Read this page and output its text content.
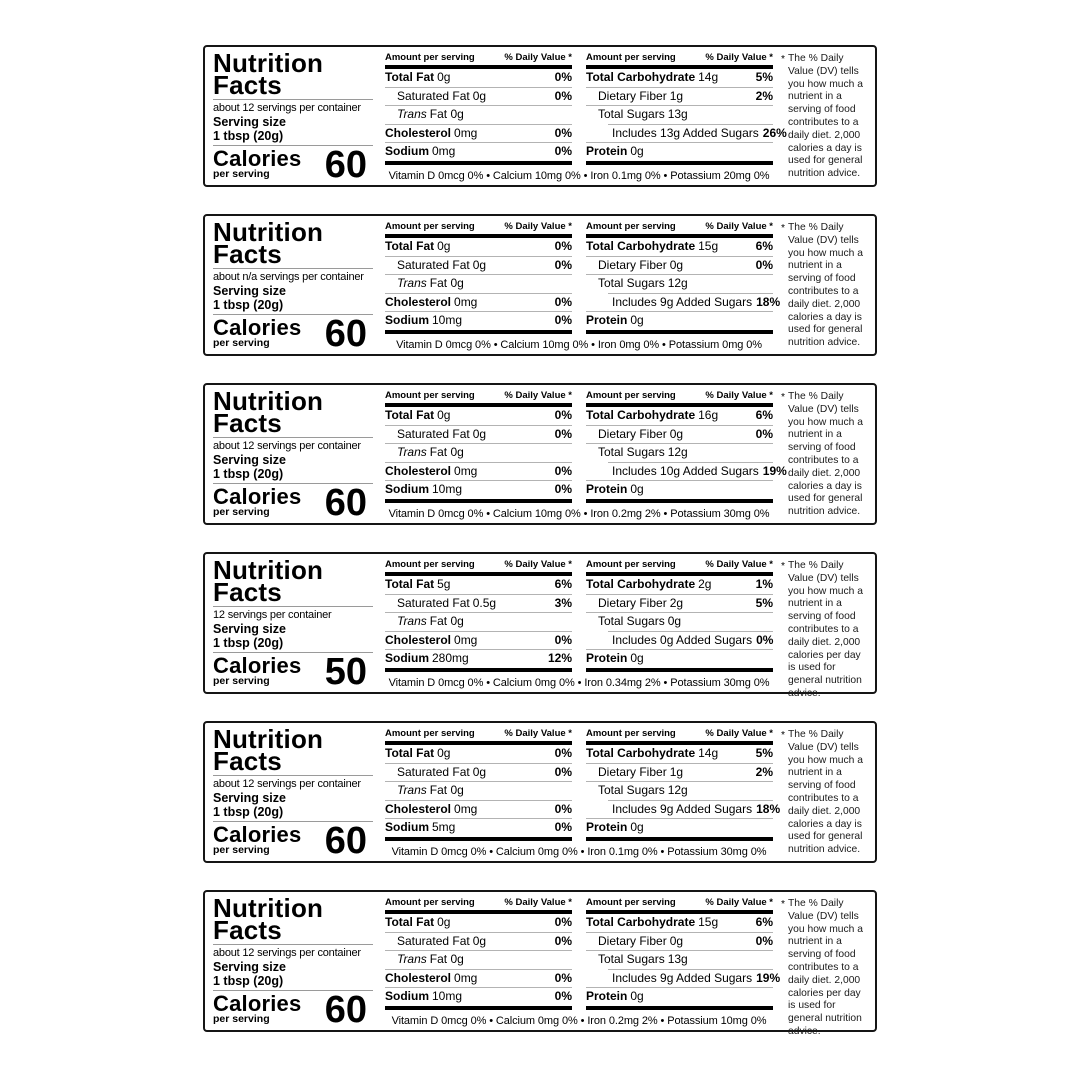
Nutrition
Facts
about 12 servings per container
Serving size
1 tbsp (20g)
Calories
per serving	60
Amount per serving	% Daily Value *
Total Fat 0g	0%
Saturated Fat 0g	0%
Trans Fat 0g
Cholesterol 0mg	0%
Sodium 0mg	0%
Amount per serving	% Daily Value *
Total Carbohydrate 14g	5%
Dietary Fiber 1g	2%
Total Sugars 13g
Includes 13g Added Sugars 26%
Protein 0g
Vitamin D 0mcg 0% • Calcium 10mg 0% • Iron 0.1mg 0% • Potassium 20mg 0%
* The % Daily Value (DV) tells you how much a nutrient in a serving of food contributes to a daily diet. 2,000 calories a day is used for general nutrition advice.

Nutrition
Facts
about n/a servings per container
Serving size
1 tbsp (20g)
Calories
per serving	60
Amount per serving	% Daily Value *
Total Fat 0g	0%
Saturated Fat 0g	0%
Trans Fat 0g
Cholesterol 0mg	0%
Sodium 10mg	0%
Amount per serving	% Daily Value *
Total Carbohydrate 15g	6%
Dietary Fiber 0g	0%
Total Sugars 12g
Includes 9g Added Sugars 18%
Protein 0g
Vitamin D 0mcg 0% • Calcium 10mg 0% • Iron 0mg 0% • Potassium 0mg 0%
* The % Daily Value (DV) tells you how much a nutrient in a serving of food contributes to a daily diet. 2,000 calories a day is used for general nutrition advice.

Nutrition
Facts
about 12 servings per container
Serving size
1 tbsp (20g)
Calories
per serving	60
Amount per serving	% Daily Value *
Total Fat 0g	0%
Saturated Fat 0g	0%
Trans Fat 0g
Cholesterol 0mg	0%
Sodium 10mg	0%
Amount per serving	% Daily Value *
Total Carbohydrate 16g	6%
Dietary Fiber 0g	0%
Total Sugars 12g
Includes 10g Added Sugars 19%
Protein 0g
Vitamin D 0mcg 0% • Calcium 10mg 0% • Iron 0.2mg 2% • Potassium 30mg 0%
* The % Daily Value (DV) tells you how much a nutrient in a serving of food contributes to a daily diet. 2,000 calories a day is used for general nutrition advice.

Nutrition
Facts
12 servings per container
Serving size
1 tbsp (20g)
Calories
per serving	50
Amount per serving	% Daily Value *
Total Fat 5g	6%
Saturated Fat 0.5g	3%
Trans Fat 0g
Cholesterol 0mg	0%
Sodium 280mg	12%
Amount per serving	% Daily Value *
Total Carbohydrate 2g	1%
Dietary Fiber 2g	5%
Total Sugars 0g
Includes 0g Added Sugars 0%
Protein 0g
Vitamin D 0mcg 0% • Calcium 0mg 0% • Iron 0.34mg 2% • Potassium 30mg 0%
* The % Daily Value (DV) tells you how much a nutrient in a serving of food contributes to a daily diet. 2,000 calories per day is used for general nutrition advice.

Nutrition
Facts
about 12 servings per container
Serving size
1 tbsp (20g)
Calories
per serving	60
Amount per serving	% Daily Value *
Total Fat 0g	0%
Saturated Fat 0g	0%
Trans Fat 0g
Cholesterol 0mg	0%
Sodium 5mg	0%
Amount per serving	% Daily Value *
Total Carbohydrate 14g	5%
Dietary Fiber 1g	2%
Total Sugars 12g
Includes 9g Added Sugars 18%
Protein 0g
Vitamin D 0mcg 0% • Calcium 0mg 0% • Iron 0.1mg 0% • Potassium 30mg 0%
* The % Daily Value (DV) tells you how much a nutrient in a serving of food contributes to a daily diet. 2,000 calories a day is used for general nutrition advice.

Nutrition
Facts
about 12 servings per container
Serving size
1 tbsp (20g)
Calories
per serving	60
Amount per serving	% Daily Value *
Total Fat 0g	0%
Saturated Fat 0g	0%
Trans Fat 0g
Cholesterol 0mg	0%
Sodium 10mg	0%
Amount per serving	% Daily Value *
Total Carbohydrate 15g	6%
Dietary Fiber 0g	0%
Total Sugars 13g
Includes 9g Added Sugars 19%
Protein 0g
Vitamin D 0mcg 0% • Calcium 0mg 0% • Iron 0.2mg 2% • Potassium 10mg 0%
* The % Daily Value (DV) tells you how much a nutrient in a serving of food contributes to a daily diet. 2,000 calories per day is used for general nutrition advice.
